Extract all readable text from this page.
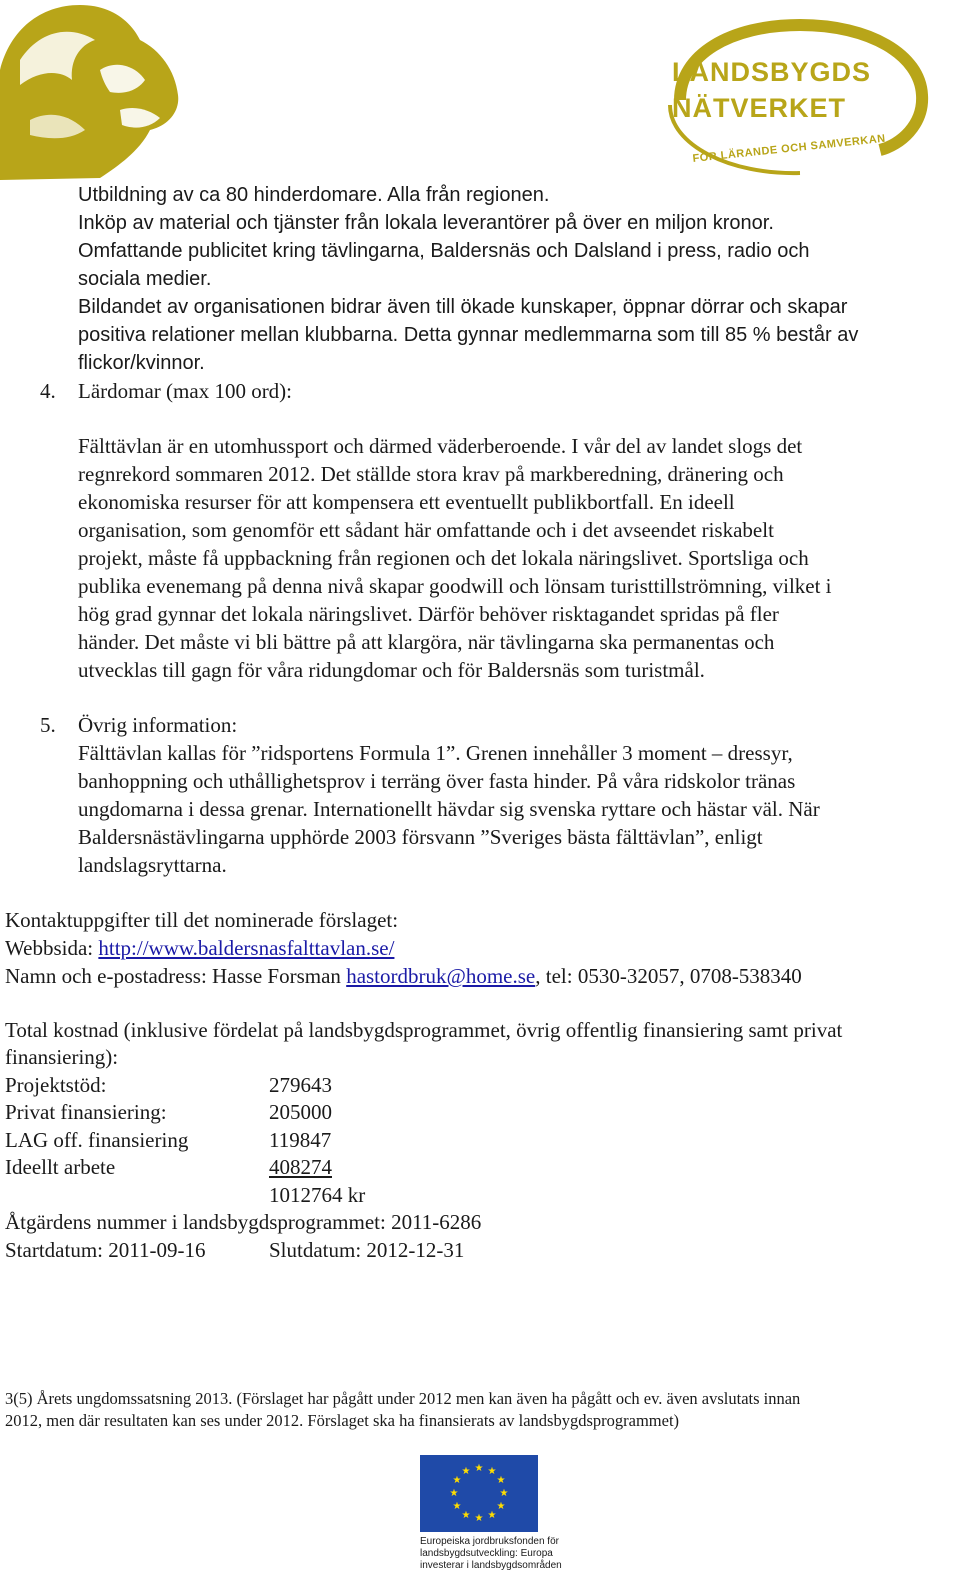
LANDSBYGDS
NÄTVERKET
FÖR LÄRANDE OCH SAMVERKAN
Utbildning av ca 80 hinderdomare. Alla från regionen.
Inköp av material och tjänster från lokala leverantörer på över en miljon kronor.
Omfattande publicitet kring tävlingarna, Baldersnäs och Dalsland i press, radio och
sociala medier.
Bildandet av organisationen bidrar även till ökade kunskaper, öppnar dörrar och skapar
positiva relationer mellan klubbarna. Detta gynnar medlemmarna som till 85 % består av
flickor/kvinnor.
4. Lärdomar (max 100 ord):
Fälttävlan är en utomhussport och därmed väderberoende. I vår del av landet slogs det
regnrekord sommaren 2012. Det ställde stora krav på markberedning, dränering och
ekonomiska resurser för att kompensera ett eventuellt publikbortfall. En ideell
organisation, som genomför ett sådant här omfattande och i det avseendet riskabelt
projekt, måste få uppbackning från regionen och det lokala näringslivet. Sportsliga och
publika evenemang på denna nivå skapar goodwill och lönsam turisttillströmning, vilket i
hög grad gynnar det lokala näringslivet. Därför behöver risktagandet spridas på fler
händer. Det måste vi bli bättre på att klargöra, när tävlingarna ska permanentas och
utvecklas till gagn för våra ridungdomar och för Baldersnäs som turistmål.
5. Övrig information:
Fälttävlan kallas för ”ridsportens Formula 1”. Grenen innehåller 3 moment – dressyr,
banhoppning och uthållighetsprov i terräng över fasta hinder. På våra ridskolor tränas
ungdomarna i dessa grenar. Internationellt hävdar sig svenska ryttare och hästar väl. När
Baldersnästävlingarna upphörde 2003 försvann ”Sveriges bästa fälttävlan”, enligt
landslagsryttarna.
Kontaktuppgifter till det nominerade förslaget:
Webbsida: http://www.baldersnasfalttavlan.se/
Namn och e-postadress: Hasse Forsman hastordbruk@home.se, tel: 0530-32057, 0708-538340
Total kostnad (inklusive fördelat på landsbygdsprogrammet, övrig offentlig finansiering samt privat
finansiering):
Projektstöd:	279643
Privat finansiering:	205000
LAG off. finansiering	119847
Ideellt arbete	408274
1012764 kr
Åtgärdens nummer i landsbygdsprogrammet: 2011-6286
Startdatum: 2011-09-16	Slutdatum: 2012-12-31
3(5) Årets ungdomssatsning 2013. (Förslaget har pågått under 2012 men kan även ha pågått och ev. även avslutats innan
2012, men där resultaten kan ses under 2012. Förslaget ska ha finansierats av landsbygdsprogrammet)
★ ★
★
★
★
★
★
★
★
★
★
★
Europeiska jordbruksfonden för
landsbygdsutveckling: Europa
investerar i landsbygdsområden
